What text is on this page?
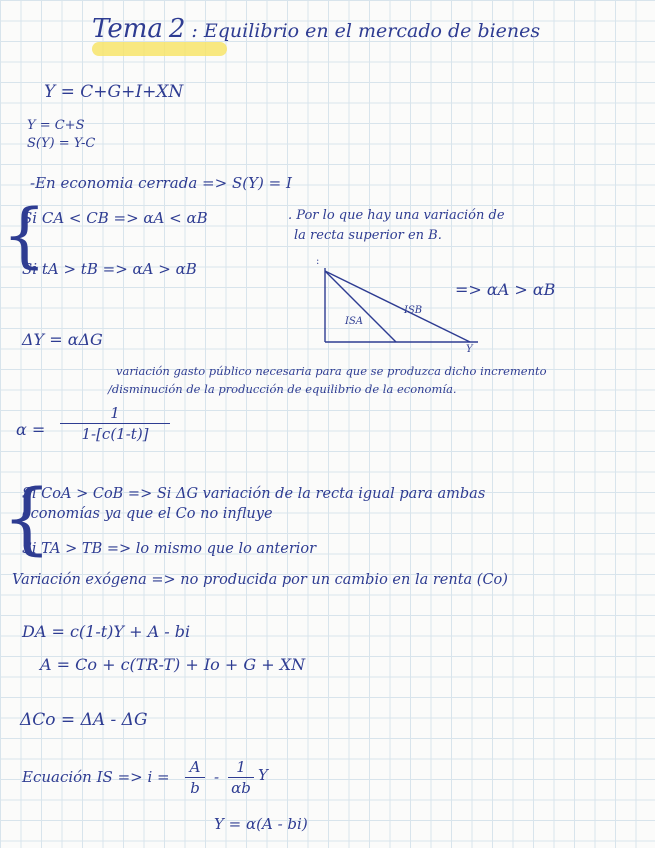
Tema 2 : Equilibrio en el mercado de bienes
Y = C+G+I+XN
Y = C+S
S(Y) = Y-C
-En economia cerrada => S(Y) = I
{
Si CA < CB => αA < αB	. Por lo que hay una variación de
la recta superior en B.
Si tA > tB => αA > αB	:
ISA
ISB
Y
=> αA > αB
ΔY = αΔG
variación gasto público necesaria para que se produzca dicho incremento
/disminución de la producción de equilibrio de la economía.
α =
1
1-[c(1-t)]
{
Si CoA > CoB => Si ΔG variación de la recta igual para ambas
economías ya que el Co no influye
Si TA > TB => lo mismo que lo anterior
Variación exógena => no producida por un cambio en la renta (Co)
DA = c(1-t)Y + A - bi
A = Co + c(TR-T) + Io + G + XN
ΔCo = ΔA - ΔG
Ecuación IS => i =
A
b
-
1
αb
Y
Y = α(A - bi)
